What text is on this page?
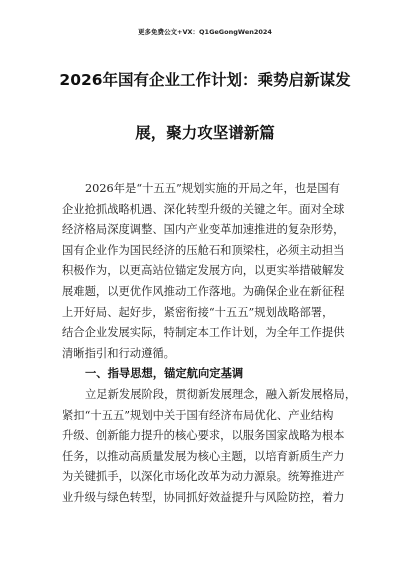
更多免费公文+VX：Q1GeGongWen2024
2026年国有企业工作计划：乘势启新谋发
展，聚力攻坚谱新篇
2026年是“十五五”规划实施的开局之年，也是国有
企业抢抓战略机遇、深化转型升级的关键之年。面对全球
经济格局深度调整、国内产业变革加速推进的复杂形势，
国有企业作为国民经济的压舱石和顶梁柱，必须主动担当
积极作为，以更高站位锚定发展方向，以更实举措破解发
展难题，以更优作风推动工作落地。为确保企业在新征程
上开好局、起好步，紧密衔接“十五五”规划战略部署，
结合企业发展实际，特制定本工作计划，为全年工作提供
清晰指引和行动遵循。
一、指导思想，锚定航向定基调
立足新发展阶段，贯彻新发展理念，融入新发展格局，
紧扣“十五五”规划中关于国有经济布局优化、产业结构
升级、创新能力提升的核心要求，以服务国家战略为根本
任务，以推动高质量发展为核心主题，以培育新质生产力
为关键抓手，以深化市场化改革为动力源泉。统筹推进产
业升级与绿色转型，协同抓好效益提升与风险防控，着力
